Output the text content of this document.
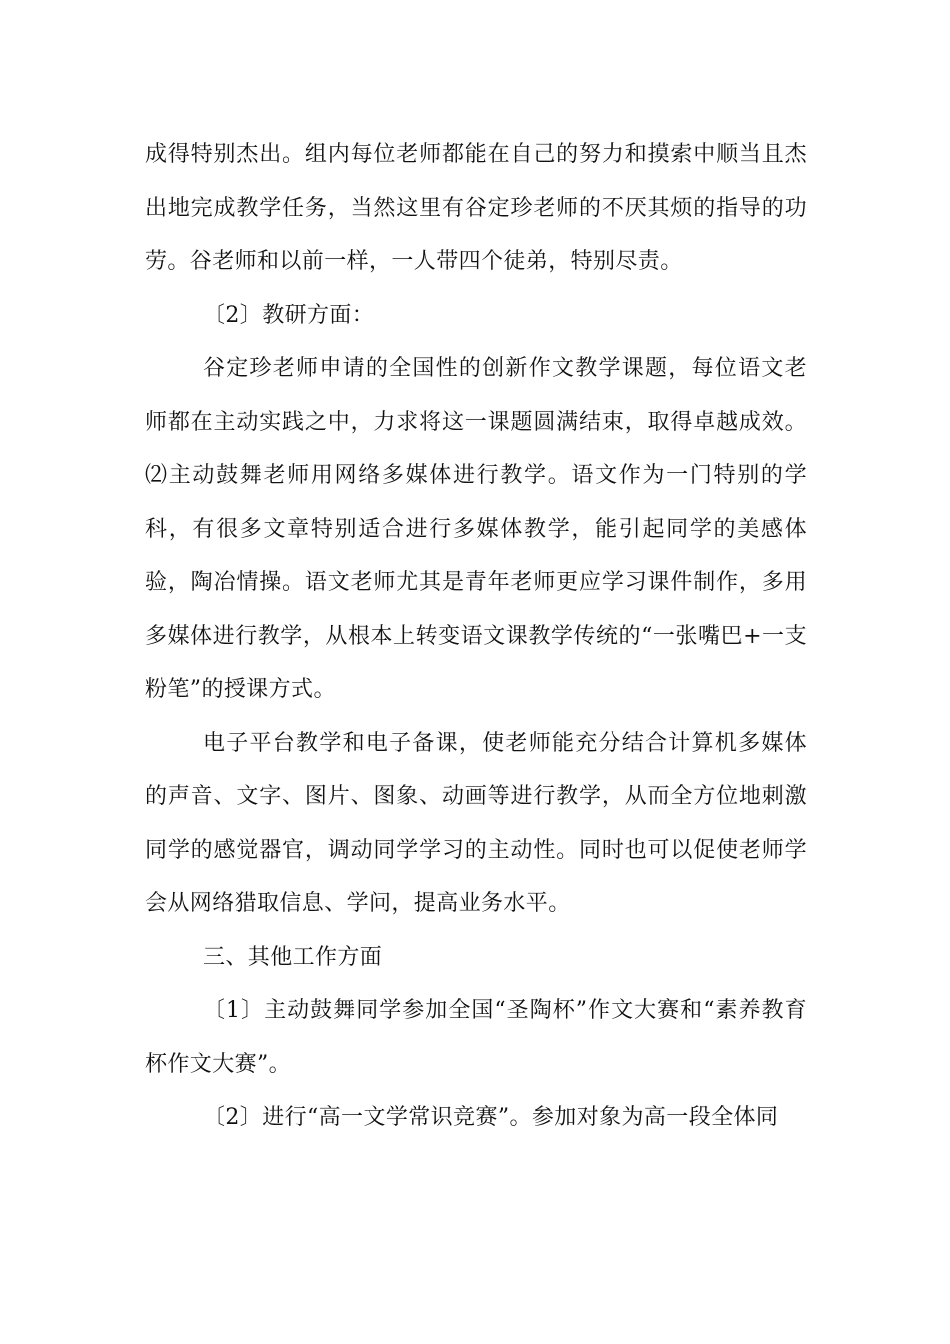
成得特别杰出。组内每位老师都能在自己的努力和摸索中顺当且杰出地完成教学任务，当然这里有谷定珍老师的不厌其烦的指导的功劳。谷老师和以前一样，一人带四个徒弟，特别尽责。

〔2〕教研方面：

谷定珍老师申请的全国性的创新作文教学课题，每位语文老师都在主动实践之中，力求将这一课题圆满结束，取得卓越成效。⑵主动鼓舞老师用网络多媒体进行教学。语文作为一门特别的学科，有很多文章特别适合进行多媒体教学，能引起同学的美感体验，陶冶情操。语文老师尤其是青年老师更应学习课件制作，多用多媒体进行教学，从根本上转变语文课教学传统的“一张嘴巴+一支粉笔”的授课方式。

电子平台教学和电子备课，使老师能充分结合计算机多媒体的声音、文字、图片、图象、动画等进行教学，从而全方位地刺激同学的感觉器官，调动同学学习的主动性。同时也可以促使老师学会从网络猎取信息、学问，提高业务水平。

三、其他工作方面

〔1〕主动鼓舞同学参加全国“圣陶杯”作文大赛和“素养教育杯作文大赛”。

〔2〕进行“高一文学常识竞赛”。参加对象为高一段全体同
